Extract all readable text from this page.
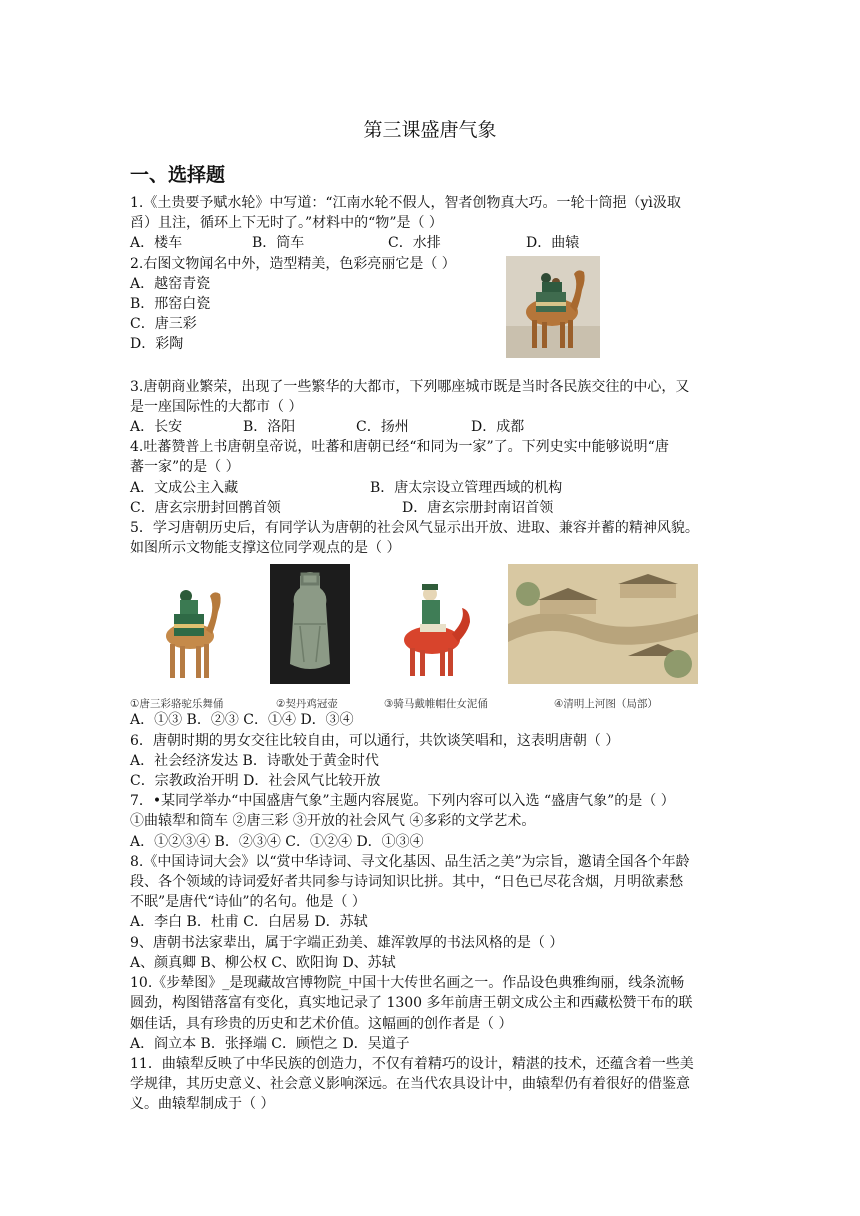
第三课盛唐气象
一、选择题
1.《土贵要予赋水轮》中写道：“江南水轮不假人，智者创物真大巧。一轮十筒挹（yì汲取
舀）且注，循环上下无时了。”材料中的“物”是（ ）
A．楼车	B．筒车	C．水排	D．曲辕
2.右图文物闻名中外，造型精美，色彩亮丽它是（ ）
A．越窑青瓷
B．邢窑白瓷
C．唐三彩
D．彩陶
3.唐朝商业繁荣，出现了一些繁华的大都市，下列哪座城市既是当时各民族交往的中心，又
是一座国际性的大都市（ ）
A．长安	B．洛阳	C．扬州	D．成都
4.吐蕃赞普上书唐朝皇帝说，吐蕃和唐朝已经“和同为一家”了。下列史实中能够说明“唐
蕃一家”的是（ ）
A．文成公主入藏	B．唐太宗设立管理西域的机构
C．唐玄宗册封回鹘首领	D．唐玄宗册封南诏首领
5．学习唐朝历史后，有同学认为唐朝的社会风气显示出开放、进取、兼容并蓄的精神风貌。
如图所示文物能支撑这位同学观点的是（ ）
①唐三彩骆驼乐舞俑	②契丹鸡冠壶	③骑马戴帷帽仕女泥俑	④清明上河图（局部）
A．①③ B．②③ C．①④ D．③④
6．唐朝时期的男女交往比较自由，可以通行，共饮谈笑唱和，这表明唐朝（ ）
A．社会经济发达 B．诗歌处于黄金时代
C．宗教政治开明 D．社会风气比较开放
7．•某同学举办“中国盛唐气象”主题内容展览。下列内容可以入选 “盛唐气象”的是（ ）
①曲辕犁和筒车 ②唐三彩 ③开放的社会风气 ④多彩的文学艺术。
A．①②③④ B．②③④ C．①②④ D．①③④
8.《中国诗词大会》以“赏中华诗词、寻文化基因、品生活之美”为宗旨，邀请全国各个年龄
段、各个领域的诗词爱好者共同参与诗词知识比拼。其中，“日色已尽花含烟，月明欲素愁
不眠”是唐代“诗仙”的名句。他是（ ）
A．李白 B．杜甫 C．白居易 D．苏轼
9、唐朝书法家辈出，属于字端正劲美、雄浑敦厚的书法风格的是（ ）
A、颜真卿 B、柳公权 C、欧阳询 D、苏轼
10.《步辇图》_是现藏故宫博物院_中国十大传世名画之一。作品设色典雅绚丽，线条流畅
圆劲，构图错落富有变化，真实地记录了 1300 多年前唐王朝文成公主和西藏松赞干布的联
姻佳话，具有珍贵的历史和艺术价值。这幅画的创作者是（ ）
A．阎立本 B．张择端 C．顾恺之 D．吴道子
11．曲辕犁反映了中华民族的创造力，不仅有着精巧的设计，精湛的技术，还蕴含着一些美
学规律，其历史意义、社会意义影响深远。在当代农具设计中，曲辕犁仍有着很好的借鉴意
义。曲辕犁制成于（ ）
